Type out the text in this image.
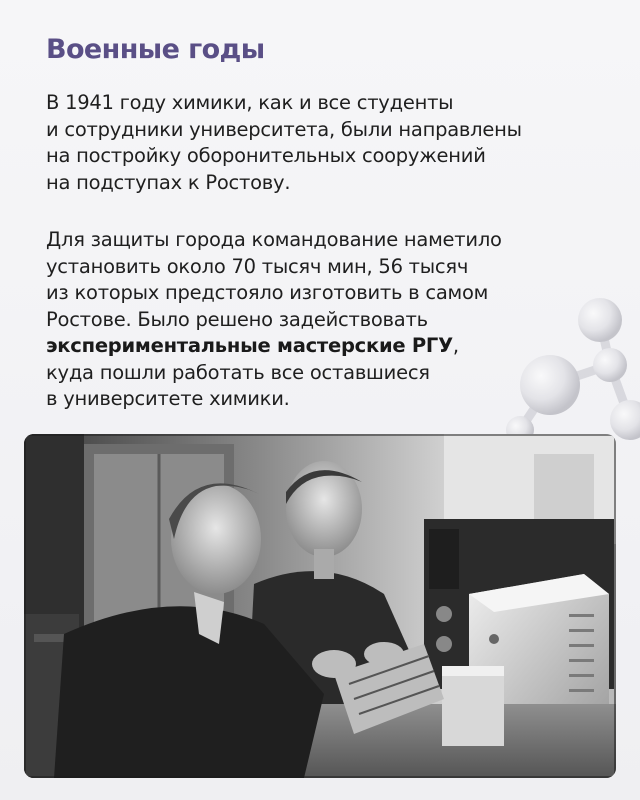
Военные годы

В 1941 году химики, как и все студенты
и сотрудники университета, были направлены
на постройку оборонительных сооружений
на подступах к Ростову.

Для защиты города командование наметило
установить около 70 тысяч мин, 56 тысяч
из которых предстояло изготовить в самом
Ростове. Было решено задействовать
экспериментальные мастерские РГУ,
куда пошли работать все оставшиеся
в университете химики.
